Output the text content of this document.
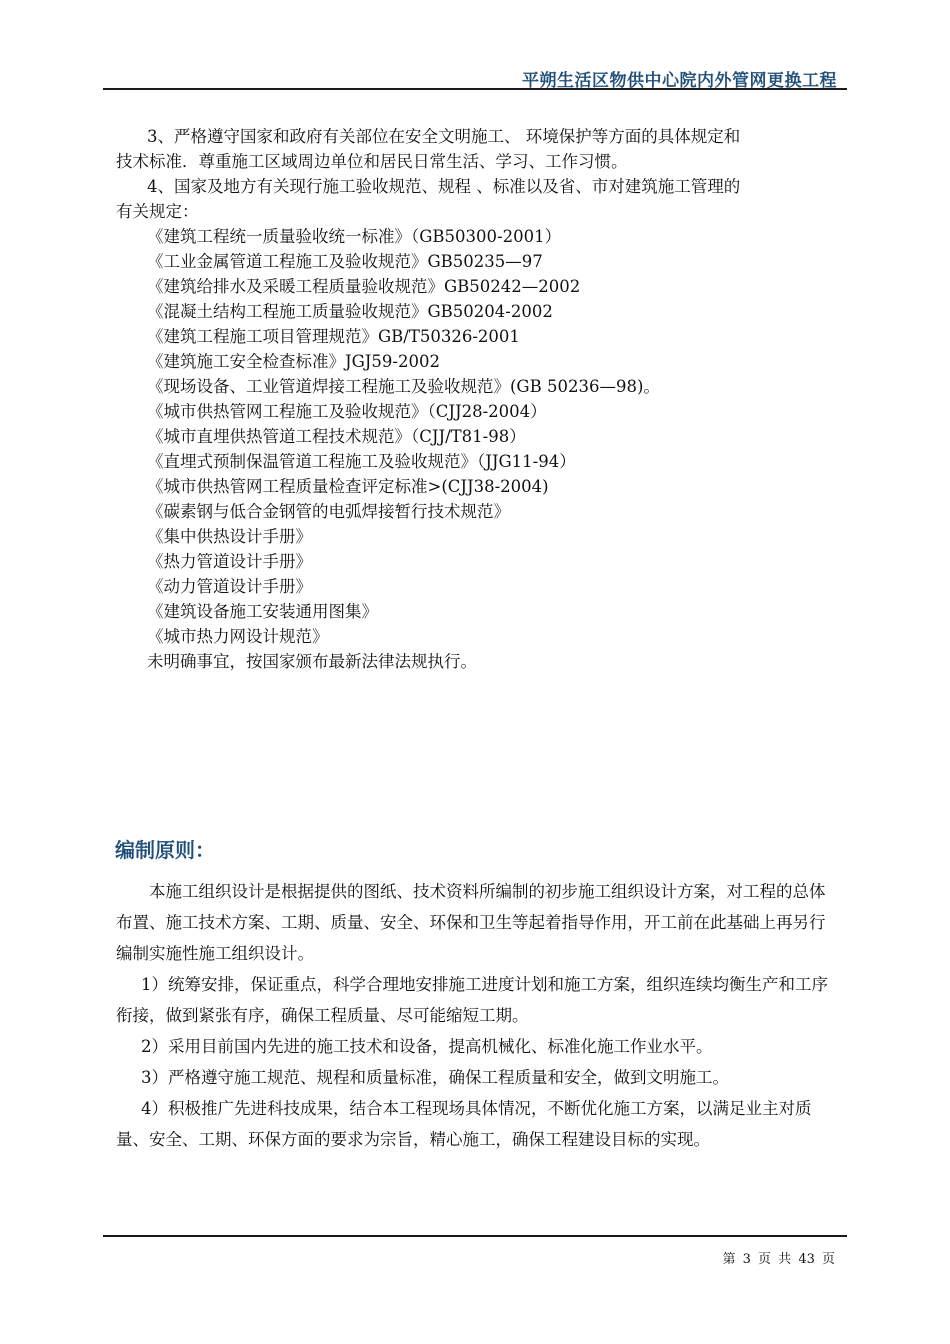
平朔生活区物供中心院内外管网更换工程

3、严格遵守国家和政府有关部位在安全文明施工、 环境保护等方面的具体规定和

技术标准．尊重施工区域周边单位和居民日常生活、学习、工作习惯。

4、国家及地方有关现行施工验收规范、规程 、标准以及省、市对建筑施工管理的

有关规定：

《建筑工程统一质量验收统一标准》（GB50300-2001）

《工业金属管道工程施工及验收规范》GB50235—97

《建筑给排水及采暖工程质量验收规范》GB50242—2002

《混凝土结构工程施工质量验收规范》GB50204-2002

《建筑工程施工项目管理规范》GB/T50326-2001

《建筑施工安全检查标准》JGJ59-2002

《现场设备、工业管道焊接工程施工及验收规范》(GB 50236—98)。

《城市供热管网工程施工及验收规范》（CJJ28-2004）

《城市直埋供热管道工程技术规范》（CJJ/T81-98）

《直埋式预制保温管道工程施工及验收规范》（JJG11-94）

《城市供热管网工程质量检查评定标准>(CJJ38-2004)

《碳素钢与低合金钢管的电弧焊接暂行技术规范》

《集中供热设计手册》

《热力管道设计手册》

《动力管道设计手册》

《建筑设备施工安装通用图集》

《城市热力网设计规范》

未明确事宜，按国家颁布最新法律法规执行。

编制原则：

本施工组织设计是根据提供的图纸、技术资料所编制的初步施工组织设计方案，对工程的总体布置、施工技术方案、工期、质量、安全、环保和卫生等起着指导作用，开工前在此基础上再另行编制实施性施工组织设计。

1）统筹安排，保证重点，科学合理地安排施工进度计划和施工方案，组织连续均衡生产和工序衔接，做到紧张有序，确保工程质量、尽可能缩短工期。

2）采用目前国内先进的施工技术和设备，提高机械化、标准化施工作业水平。

3）严格遵守施工规范、规程和质量标准，确保工程质量和安全，做到文明施工。

4）积极推广先进科技成果，结合本工程现场具体情况，不断优化施工方案，以满足业主对质量、安全、工期、环保方面的要求为宗旨，精心施工，确保工程建设目标的实现。

第 3 页 共 43 页
